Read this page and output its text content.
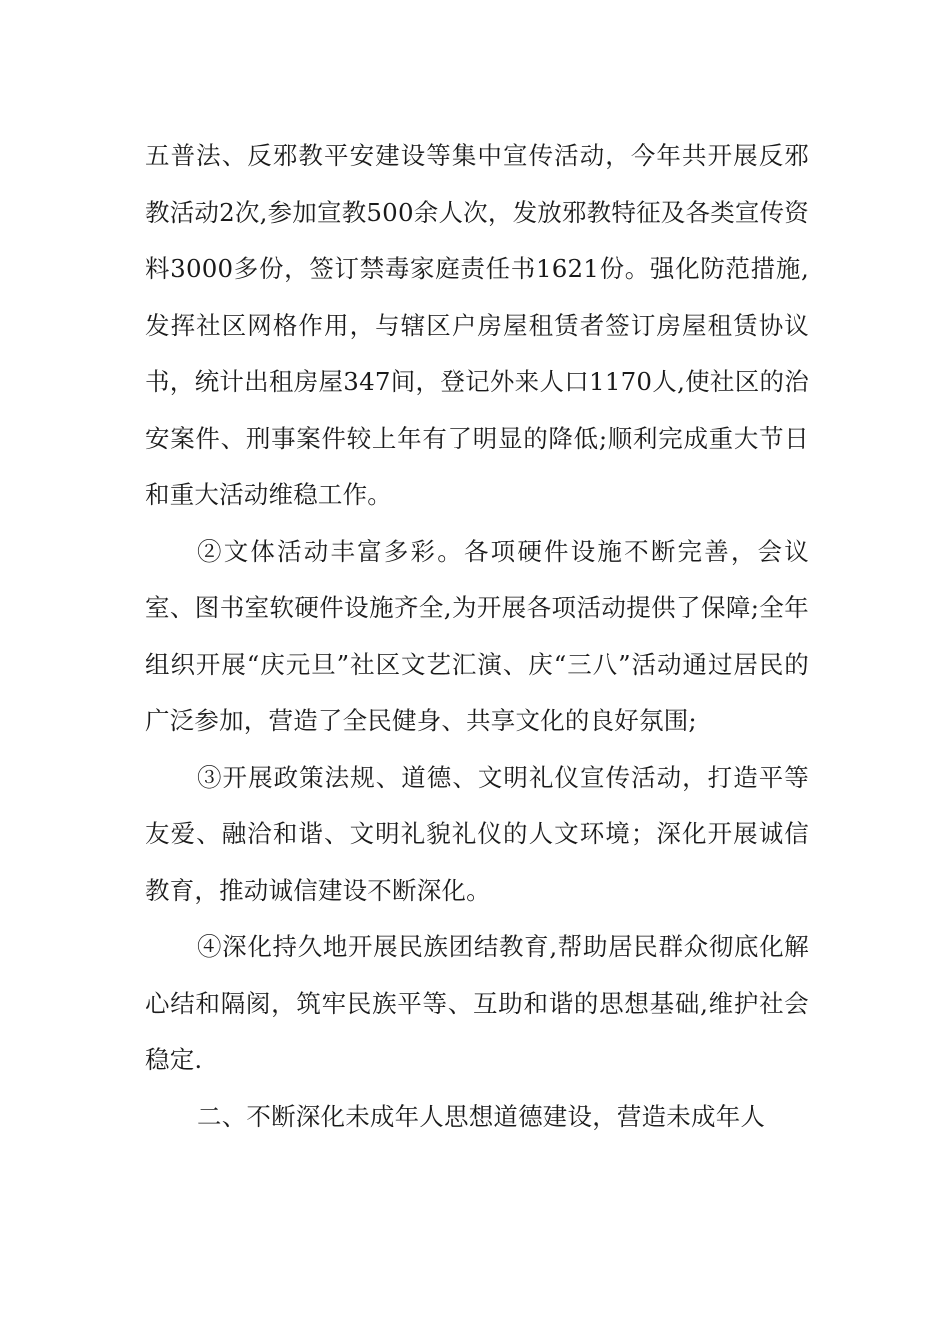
五普法、反邪教平安建设等集中宣传活动，今年共开展反邪教活动2次,参加宣教500余人次，发放邪教特征及各类宣传资料3000多份，签订禁毒家庭责任书1621份。强化防范措施,发挥社区网格作用，与辖区户房屋租赁者签订房屋租赁协议书，统计出租房屋347间，登记外来人口1170人,使社区的治安案件、刑事案件较上年有了明显的降低;顺利完成重大节日和重大活动维稳工作。

②文体活动丰富多彩。各项硬件设施不断完善，会议室、图书室软硬件设施齐全,为开展各项活动提供了保障;全年组织开展“庆元旦”社区文艺汇演、庆“三八”活动通过居民的广泛参加，营造了全民健身、共享文化的良好氛围;

③开展政策法规、道德、文明礼仪宣传活动，打造平等友爱、融洽和谐、文明礼貌礼仪的人文环境；深化开展诚信教育，推动诚信建设不断深化。

④深化持久地开展民族团结教育,帮助居民群众彻底化解心结和隔阂，筑牢民族平等、互助和谐的思想基础,维护社会稳定.

二、不断深化未成年人思想道德建设，营造未成年人
